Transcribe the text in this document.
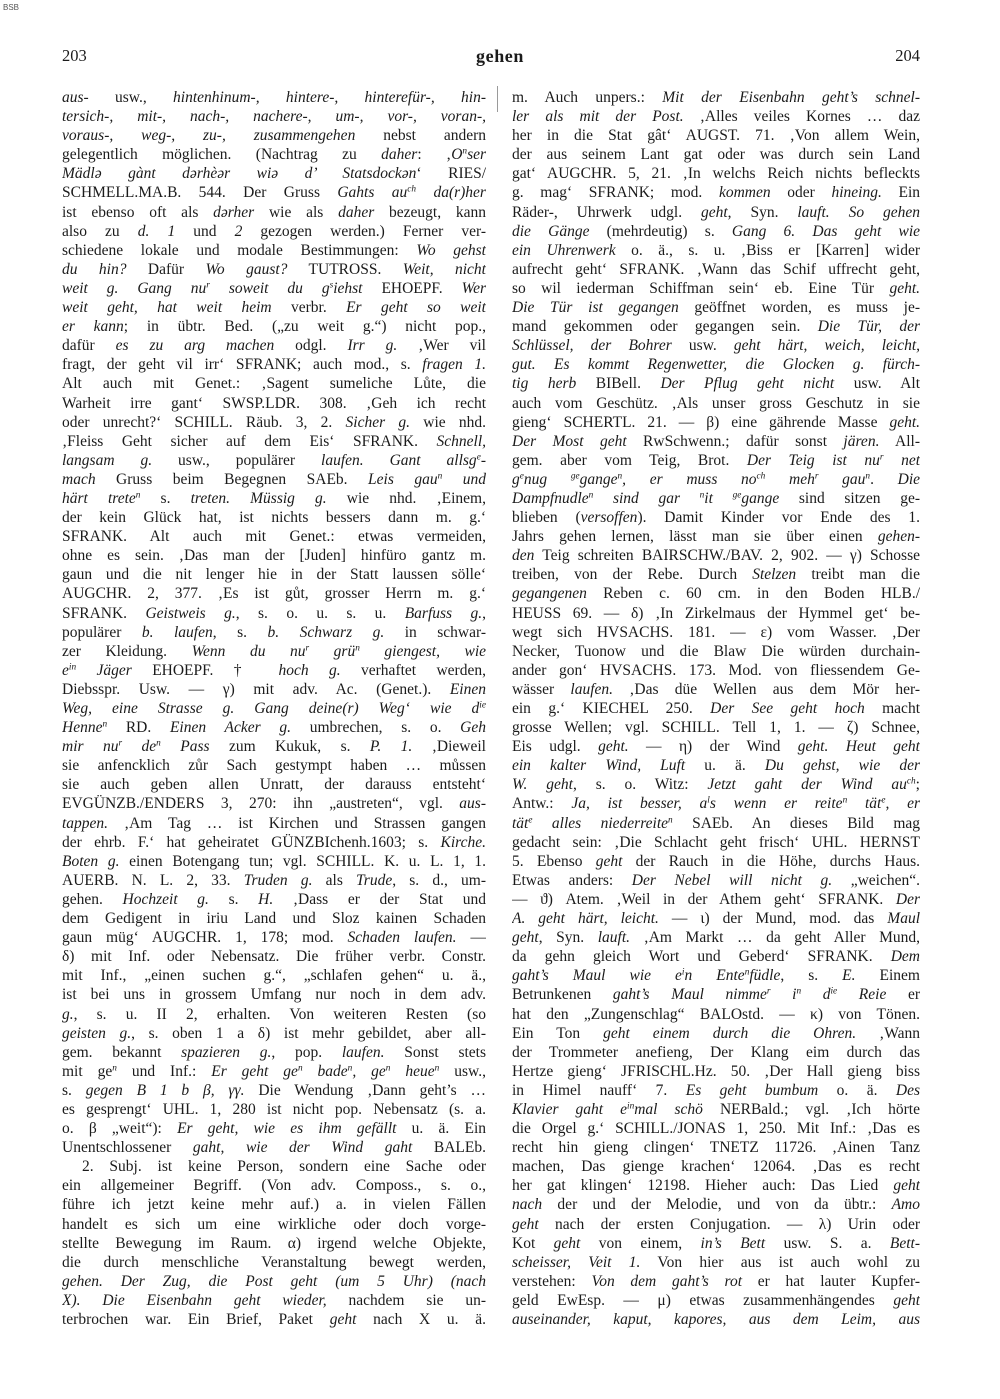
BSB
203	gehen	204
aus- usw., hintenhinum-, hintere-, hinterefür-, hin-
tersich-, mit-, nach-, nachere-, um-, vor-, voran-,
voraus-, weg-, zu-, zusammengehen nebst andern
gelegentlich möglichen. (Nachtrag zu daher: $‚O^nser$
Mädlə gànt dərhèər wiə d’ Statsdockən‘ RIES/
SCHMELL.MA.B. 544. Der Gruss Gahts $au^{ch}$ da(r)her
ist ebenso oft als dərher wie als daher bezeugt, kann
also zu d. 1 und 2 gezogen werden.) Ferner ver-
schiedene lokale und modale Bestimmungen: Wo gehst
du hin? Dafür Wo gaust? TUTROSS. Weit, nicht
weit g. Gang $nu^r$ soweit du $g^siehst$ EHOEPF. Wer
weit geht, hat weit heim verbr. Er geht so weit
er kann; in übtr. Bed. („zu weit g.“) nicht pop.,
dafür es zu arg machen odgl. Irr g. ‚Wer vil
fragt, der geht vil irr‘ SFRANK; auch mod., s. fragen 1.
Alt auch mit Genet.: ‚Sagent sumeliche Lůte, die
Warheit irre gant‘ SWSP.LDR. 308. ‚Geh ich recht
oder unrecht?‘ SCHILL. Räub. 3, 2. Sicher g. wie nhd.
‚Fleiss Geht sicher auf dem Eis‘ SFRANK. Schnell,
langsam g. usw., populärer laufen. Gant allsg$^e$-
mach Gruss beim Begegnen SAEb. Leis gau$^n$ und
härt trete$^n$ s. treten. Müssig g. wie nhd. ‚Einem,
der kein Glück hat, ist nichts bessers dann m. g.‘
SFRANK. Alt auch mit Genet.: etwas vermeiden,
ohne es sein. ‚Das man der [Juden] hinfüro gantz m.
gaun und die nit lenger hie in der Statt laussen sölle‘
AUGCHR. 2, 377. ‚Es ist gůt, grosser Herrn m. g.‘
SFRANK. Geistweis g., s. o. u. s. u. Barfuss g.,
populärer b. laufen, s. b. Schwarz g. in schwar-
zer Kleidung. Wenn du $nu^r$ grü$^n$ giengest, wie
$e^{in}$ Jäger EHOEPF. † hoch g. verhaftet werden,
Diebsspr. Usw. — γ) mit adv. Ac. (Genet.). Einen
Weg, eine Strasse g. Gang deine(r) Weg‘ wie $d^{ie}$
Henne$^n$ RD. Einen Acker g. umbrechen, s. o. Geh
mir $nu^r$ $de^n$ Pass zum Kukuk, s. P. 1. ‚Dieweil
sie anfencklich zůr Sach gestympt haben … můssen
sie auch geben allen Unratt, der darauss entsteht‘
EVGÜNZB./ENDERS 3, 270: ihn „austreten“, vgl. aus-
tappen. ‚Am Tag … ist Kirchen und Strassen gangen
der ehrb. F.‘ hat geheiratet GÜNZBIchenh.1603; s. Kirche.
Boten g. einen Botengang tun; vgl. SCHILL. K. u. L. 1, 1.
AUERB. N. L. 2, 33. Truden g. als Trude, s. d., um-
gehen. Hochzeit g. s. H. ‚Dass er der Stat und
dem Gedigent in iriu Land und Sloz kainen Schaden
gaun müg‘ AUGCHR. 1, 178; mod. Schaden laufen. —
δ) mit Inf. oder Nebensatz. Die früher verbr. Constr.
mit Inf., „einen suchen g.“, „schlafen gehen“ u. ä.,
ist bei uns in grossem Umfang nur noch in dem adv.
g., s. u. II 2, erhalten. Von weiteren Resten (so
geisten g., s. oben 1 a δ) ist mehr gebildet, aber all-
gem. bekannt spazieren g., pop. laufen. Sonst stets
mit $ge^n$ und Inf.: Er geht $ge^n$ bade$^n$, $ge^n$ heue$^n$ usw.,
s. gegen B 1 b β, γγ. Die Wendung ‚Dann geht’s …
es gesprengt‘ UHL. 1, 280 ist nicht pop. Nebensatz (s. a.
o. β „weit“): Er geht, wie es ihm gefällt u. ä. Ein
Unentschlossener gaht, wie der Wind gaht BALEb.
2. Subj. ist keine Person, sondern eine Sache oder
ein allgemeiner Begriff. (Von adv. Composs., s. o.,
führe ich jetzt keine mehr auf.) a. in vielen Fällen
handelt es sich um eine wirkliche oder doch vorge-
stellte Bewegung im Raum. α) irgend welche Objekte,
die durch menschliche Veranstaltung bewegt werden,
gehen. Der Zug, die Post geht (um 5 Uhr) (nach
X). Die Eisenbahn geht wieder, nachdem sie un-
terbrochen war. Ein Brief, Paket geht nach X u. ä.
m. Auch unpers.: Mit der Eisenbahn geht’s schnel-
ler als mit der Post. ‚Alles veiles Kornes … daz
her in die Stat gât‘ AUGST. 71. ‚Von allem Wein,
der aus seinem Lant gat oder was durch sein Land
gat‘ AUGCHR. 5, 21. ‚In welchs Reich nichts befleckts
g. mag‘ SFRANK; mod. kommen oder hineing. Ein
Räder-, Uhrwerk udgl. geht, Syn. lauft. So gehen
die Gänge (mehrdeutig) s. Gang 6. Das geht wie
ein Uhrenwerk o. ä., s. u. ‚Biss er [Karren] wider
aufrecht geht‘ SFRANK. ‚Wann das Schif uffrecht geht,
so wil iederman Schiffman sein‘ eb. Eine Tür geht.
Die Tür ist gegangen geöffnet worden, es muss je-
mand gekommen oder gegangen sein. Die Tür, der
Schlüssel, der Bohrer usw. geht härt, weich, leicht,
gut. Es kommt Regenwetter, die Glocken g. fürch-
tig herb BIBell. Der Pflug geht nicht usw. Alt
auch vom Geschütz. ‚Als unser gross Geschutz in sie
gieng‘ SCHERTL. 21. — β) eine gährende Masse geht.
Der Most geht RwSchwenn.; dafür sonst jären. All-
gem. aber vom Teig, Brot. Der Teig ist $nu^r$ net
$g^enug$ $^{ge}$gange$^n$, er muss $no^{ch}$ meh$^r$ gau$^n$. Die
Dampfnudle$^n$ sind gar $^n$it $^{ge}$gange sind sitzen ge-
blieben (versoffen). Damit Kinder vor Ende des 1.
Jahrs gehen lernen, lässt man sie über einen gehen-
den Teig schreiten BAIRSCHW./BAV. 2, 902. — γ) Schosse
treiben, von der Rebe. Durch Stelzen treibt man die
gegangenen Reben c. 60 cm. in den Boden HLB./
HEUSS 69. — δ) ‚In Zirkelmaus der Hymmel get‘ be-
wegt sich HVSACHS. 181. — ε) vom Wasser. ‚Der
Necker, Tuonow und die Blaw Die würden durchain-
ander gon‘ HVSACHS. 173. Mod. von fliessendem Ge-
wässer laufen. ‚Das düe Wellen aus dem Mör her-
ein g.‘ KIECHEL 250. Der See geht hoch macht
grosse Wellen; vgl. SCHILL. Tell 1, 1. — ζ) Schnee,
Eis udgl. geht. — η) der Wind geht. Heut geht
ein kalter Wind, Luft u. ä. Du gehst, wie der
W. geht, s. o. Witz: Jetzt gaht der Wind $au^{ch}$;
Antw.: Ja, ist besser, $a^ls$ wenn er reite$^n$ tät$^e$, er
tät$^e$ alles niederreite$^n$ SAEb. An dieses Bild mag
gedacht sein: ‚Die Schlacht geht frisch‘ UHL. HERNST
5. Ebenso geht der Rauch in die Höhe, durchs Haus.
Etwas anders: Der Nebel will nicht g. „weichen“.
— ϑ) Atem. ‚Weil in der Athem geht‘ SFRANK. Der
A. geht härt, leicht. — ι) der Mund, mod. das Maul
geht, Syn. lauft. ‚Am Markt … da geht Aller Mund,
da gehn gleich Wort und Geberd‘ SFRANK. Dem
gaht’s Maul wie $e^in$ Ente$^n$füdle, s. E. Einem
Betrunkenen gaht’s Maul nimme$^r$ $i^n$ $d^{ie}$ Reie er
hat den „Zungenschlag“ BALOstd. — κ) von Tönen.
Ein Ton geht einem durch die Ohren. ‚Wann
der Trommeter anefieng, Der Klang eim durch das
Hertze gieng‘ JFRISCHL.Hz. 50. ‚Der Hall gieng biss
in Himel nauff‘ 7. Es geht bumbum o. ä. Des
Klavier gaht $e^{in}mal$ schö NERBald.; vgl. ‚Ich hörte
die Orgel g.‘ SCHILL./JONAS 1, 250. Mit Inf.: ‚Das es
recht hin gieng clingen‘ TNETZ 11726. ‚Ainen Tanz
machen, Das gienge krachen‘ 12064. ‚Das es recht
her gat klingen‘ 12198. Hieher auch: Das Lied geht
nach der und der Melodie, und von da übtr.: Amo
geht nach der ersten Conjugation. — λ) Urin oder
Kot geht von einem, in’s Bett usw. S. a. Bett-
scheisser, Veit 1. Von hier aus ist auch wohl zu
verstehen: Von dem gaht’s rot er hat lauter Kupfer-
geld EwEsp. — μ) etwas zusammenhängendes geht
auseinander, kaput, kapores, aus dem Leim, aus
